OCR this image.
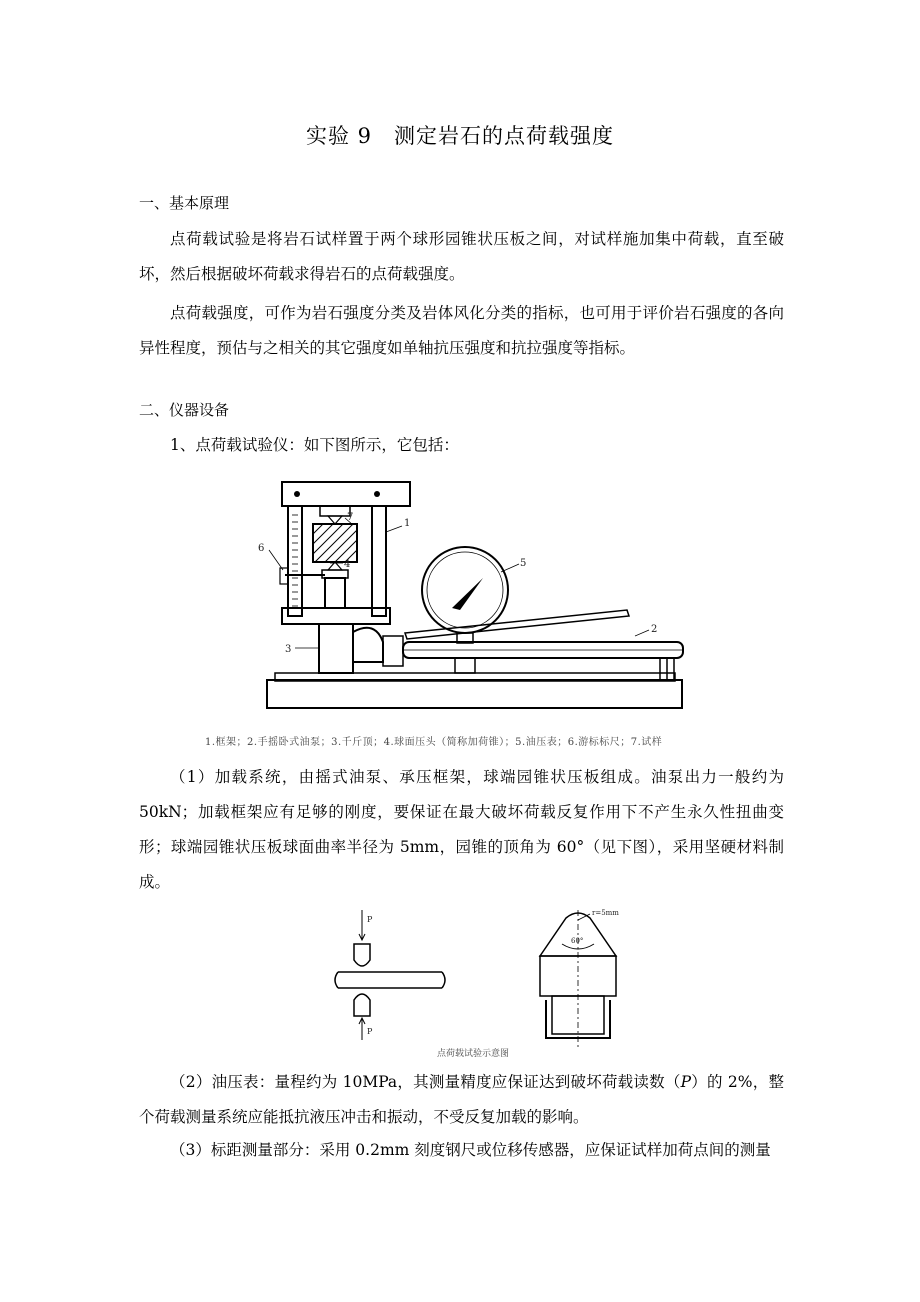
实验 9　测定岩石的点荷载强度
一、基本原理
点荷载试验是将岩石试样置于两个球形园锥状压板之间，对试样施加集中荷载，直至破坏，然后根据破坏荷载求得岩石的点荷载强度。
点荷载强度，可作为岩石强度分类及岩体风化分类的指标，也可用于评价岩石强度的各向异性程度，预估与之相关的其它强度如单轴抗压强度和抗拉强度等指标。
二、仪器设备
1、点荷载试验仪：如下图所示，它包括：
1
2
3
4	5
6
7
1.框架；2.手摇卧式油泵；3.千斤顶；4.球面压头（简称加荷锥）；5.油压表；6.游标标尺；7.试样
（1）加载系统，由摇式油泵、承压框架，球端园锥状压板组成。油泵出力一般约为 50kN；加载框架应有足够的刚度，要保证在最大破坏荷载反复作用下不产生永久性扭曲变形；球端园锥状压板球面曲率半径为 5mm，园锥的顶角为 60°（见下图），采用坚硬材料制成。
P
P
r=5mm
60°
点荷载试验示意图
（2）油压表：量程约为 10MPa，其测量精度应保证达到破坏荷载读数（P）的 2%，整个荷载测量系统应能抵抗液压冲击和振动，不受反复加载的影响。
（3）标距测量部分：采用 0.2mm 刻度钢尺或位移传感器，应保证试样加荷点间的测量
